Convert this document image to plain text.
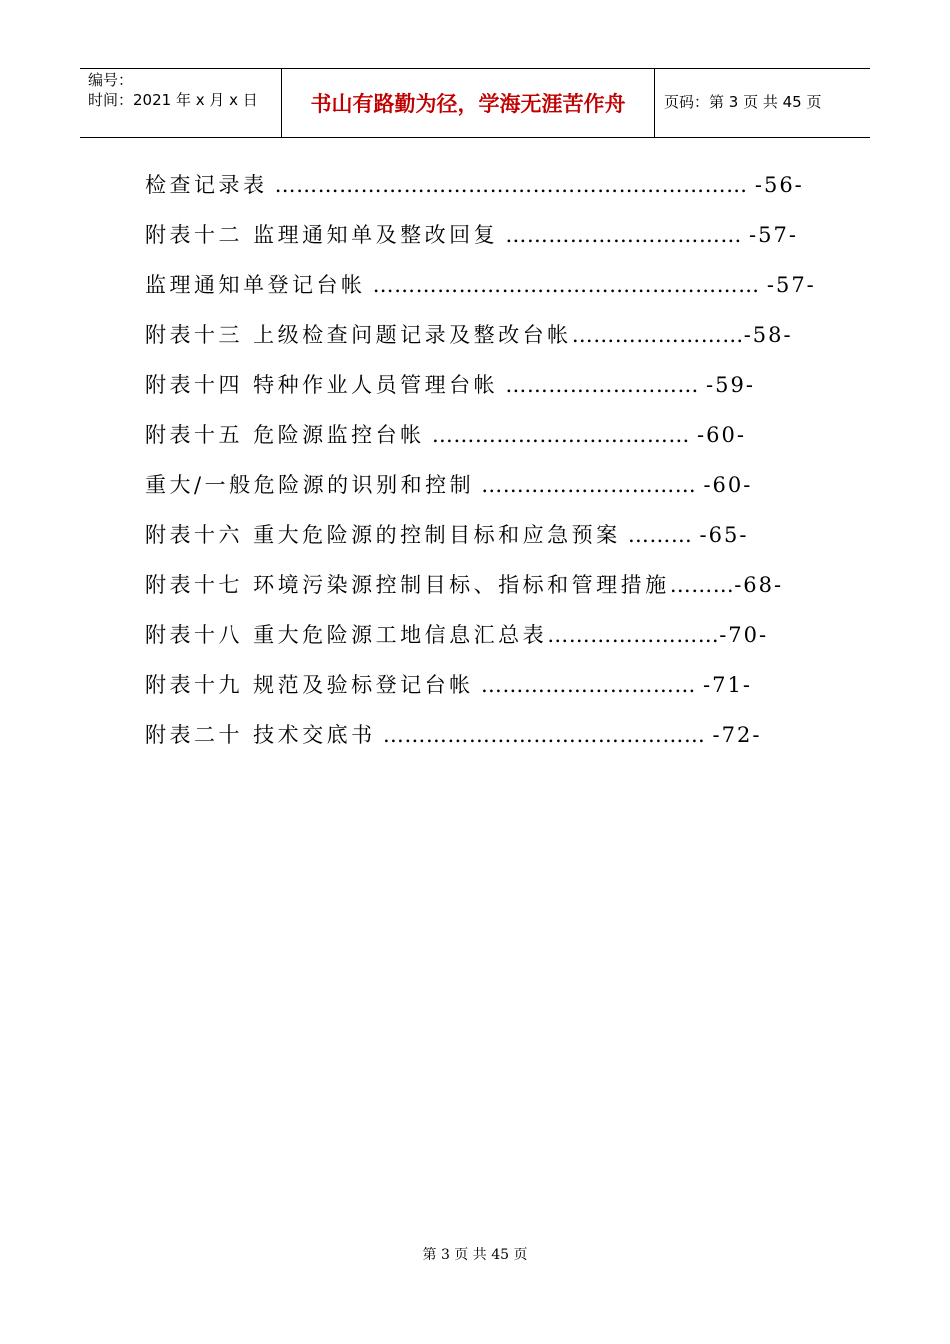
编号：
时间：2021 年 x 月 x 日	书山有路勤为径，学海无涯苦作舟	页码：第 3 页 共 45 页
检查记录表 ………………………………………………………… -56-
附表十二 监理通知单及整改回复 …………………………… -57-
监理通知单登记台帐 ……………………………………………… -57-
附表十三 上级检查问题记录及整改台帐……………………-58-
附表十四 特种作业人员管理台帐 ……………………… -59-
附表十五 危险源监控台帐 ……………………………… -60-
重大/一般危险源的识别和控制 ………………………… -60-
附表十六 重大危险源的控制目标和应急预案 ……… -65-
附表十七 环境污染源控制目标、指标和管理措施………-68-
附表十八 重大危险源工地信息汇总表……………………-70-
附表十九 规范及验标登记台帐 ………………………… -71-
附表二十 技术交底书 ……………………………………… -72-
第 3 页 共 45 页
